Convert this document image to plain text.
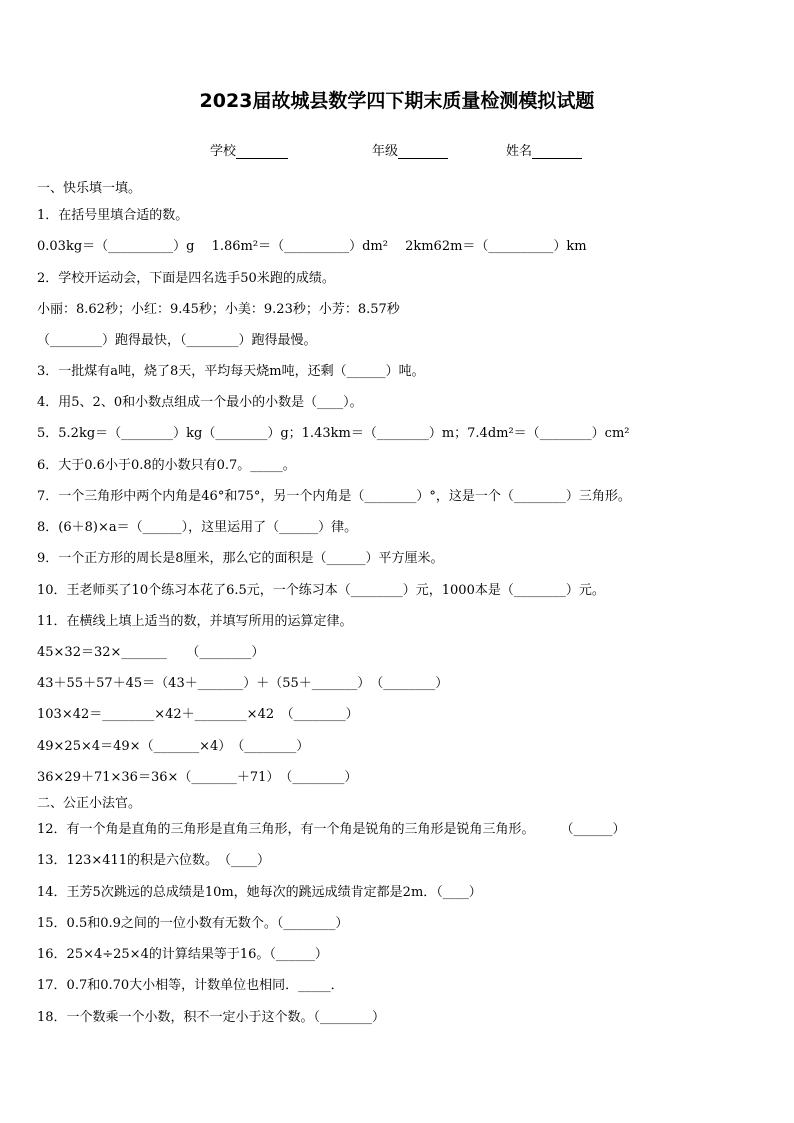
2023届故城县数学四下期末质量检测模拟试题
学校	年级	姓名
一、快乐填一填。
1．在括号里填合适的数。
0.03kg＝（__________）g　 1.86m²＝（__________）dm²　 2km62m＝（__________）km
2．学校开运动会，下面是四名选手50米跑的成绩。
小丽：8.62秒；小红：9.45秒；小美：9.23秒；小芳：8.57秒
（________）跑得最快，（________）跑得最慢。
3．一批煤有a吨，烧了8天，平均每天烧m吨，还剩（______）吨。
4．用5、2、0和小数点组成一个最小的小数是（____）。
5．5.2kg＝（________）kg（________）g；1.43km＝（________）m；7.4dm²＝（________）cm²
6．大于0.6小于0.8的小数只有0.7。_____。
7．一个三角形中两个内角是46°和75°，另一个内角是（________）°，这是一个（________）三角形。
8．(6＋8)×a＝（______），这里运用了（______）律。
9．一个正方形的周长是8厘米，那么它的面积是（______）平方厘米。
10．王老师买了10个练习本花了6.5元，一个练习本（________）元，1000本是（________）元。
11．在横线上填上适当的数，并填写所用的运算定律。
45×32＝32×_______　　（________）
43＋55＋57＋45＝（43＋_______）＋（55＋_______）　（________）
103×42＝________×42＋________×42　（________）
49×25×4＝49×（_______×4）　（________）
36×29＋71×36＝36×（_______＋71）　（________）
二、公正小法官。
12．有一个角是直角的三角形是直角三角形，有一个角是锐角的三角形是锐角三角形。　　　（______）
13．123×411的积是六位数。　（____）
14．王芳5次跳远的总成绩是10m，她每次的跳远成绩肯定都是2m．（____）
15．0.5和0.9之间的一位小数有无数个。（________）
16．25×4÷25×4的计算结果等于16。（______）
17．0.7和0.70大小相等，计数单位也相同．_____．
18．一个数乘一个小数，积不一定小于这个数。（________）
